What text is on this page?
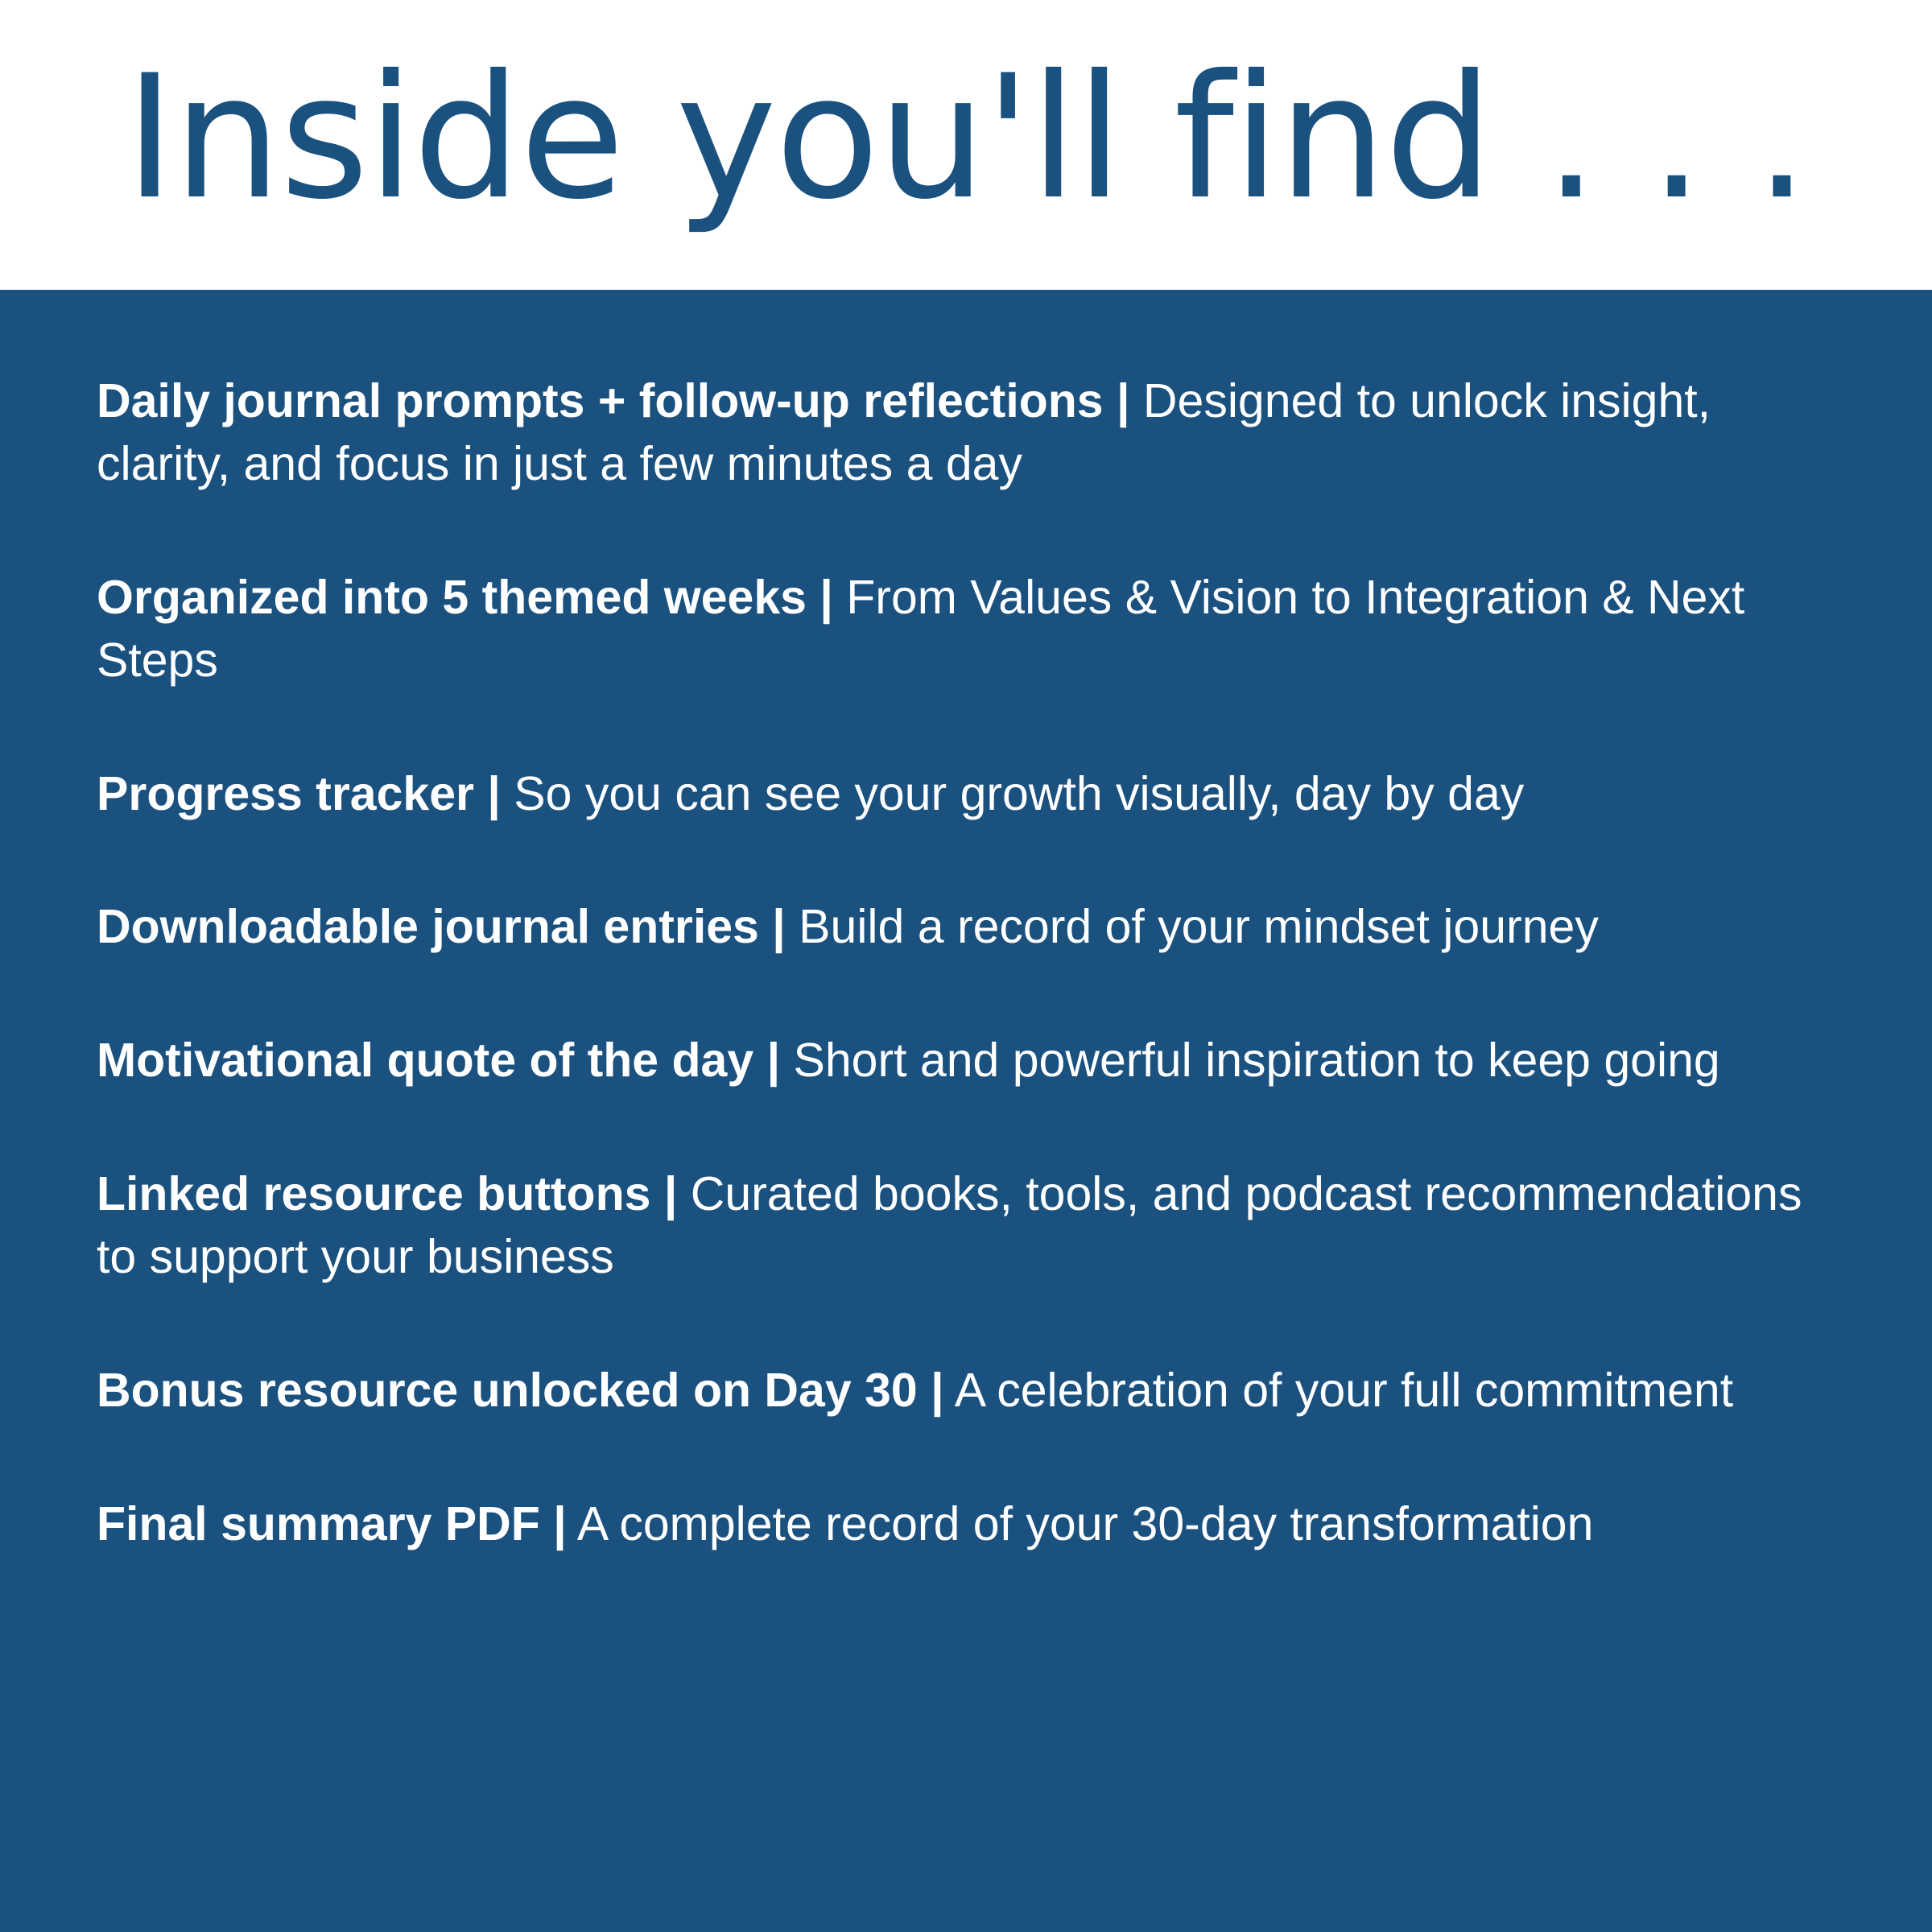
Inside you'll find . . .
Daily journal prompts + follow-up reflections | Designed to unlock insight, clarity, and focus in just a few minutes a day
Organized into 5 themed weeks | From Values & Vision to Integration & Next Steps
Progress tracker | So you can see your growth visually, day by day
Downloadable journal entries | Build a record of your mindset journey
Motivational quote of the day | Short and powerful inspiration to keep going
Linked resource buttons | Curated books, tools, and podcast recommendations to support your business
Bonus resource unlocked on Day 30 | A celebration of your full commitment
Final summary PDF | A complete record of your 30-day transformation
